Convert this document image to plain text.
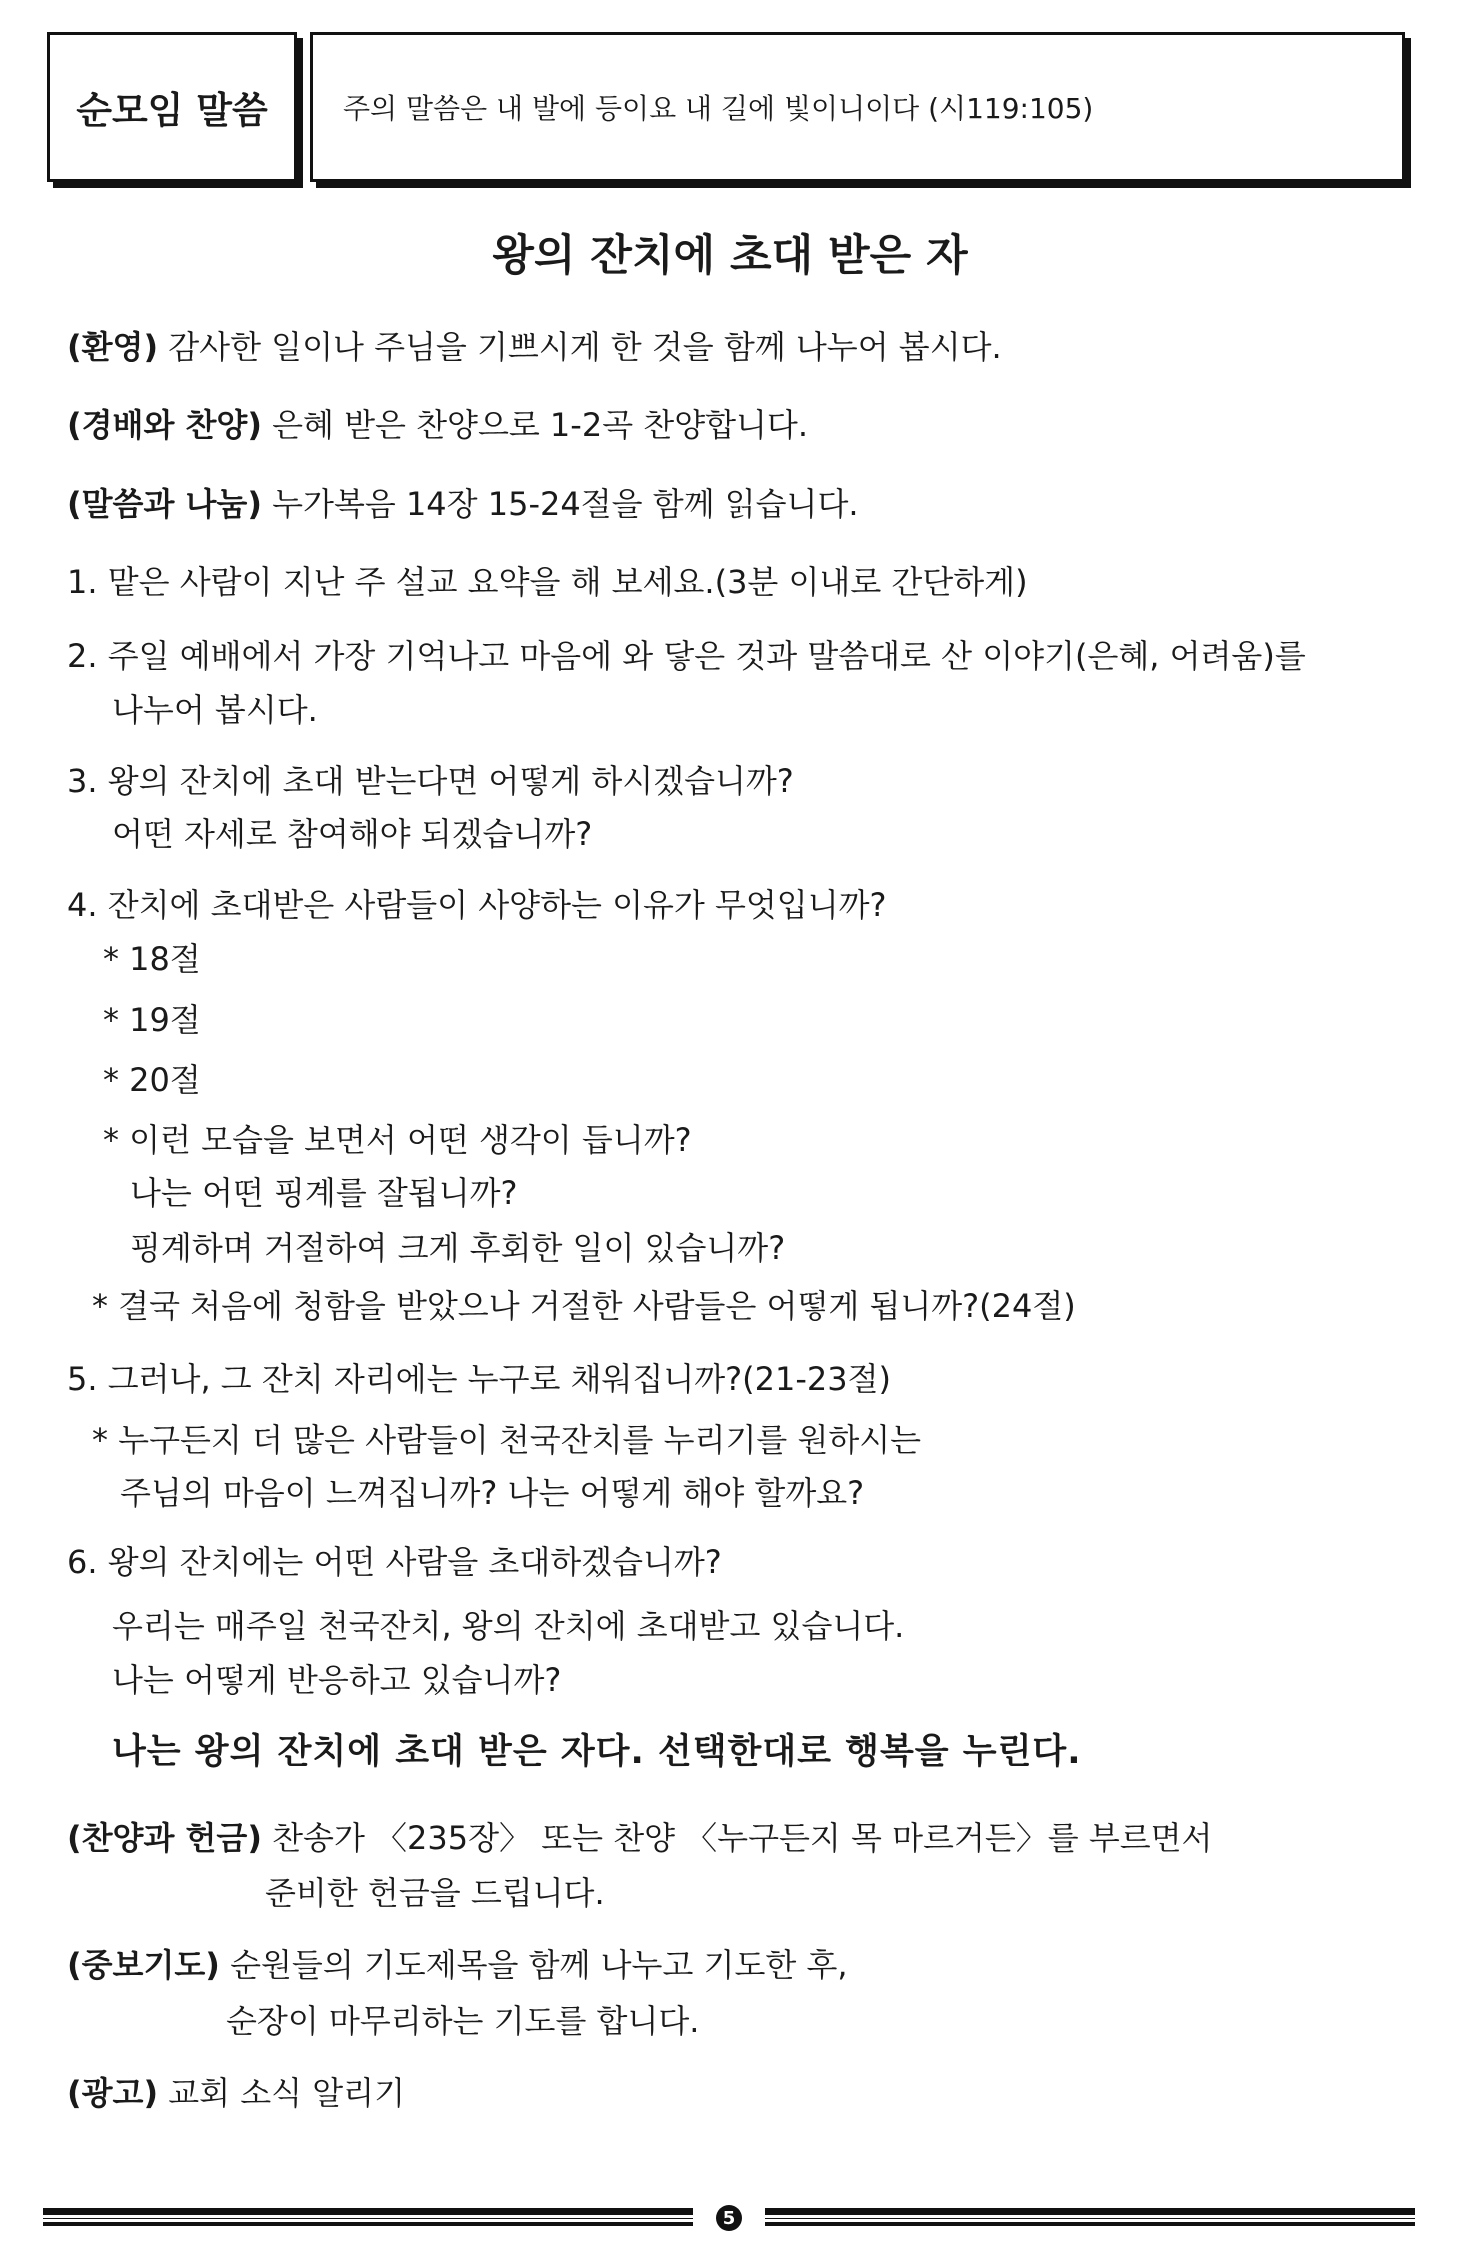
순모임 말씀	주의 말씀은 내 발에 등이요 내 길에 빛이니이다 (시119:105)
왕의 잔치에 초대 받은 자
(환영) 감사한 일이나 주님을 기쁘시게 한 것을 함께 나누어 봅시다.
(경배와 찬양) 은혜 받은 찬양으로 1-2곡 찬양합니다.
(말씀과 나눔) 누가복음 14장 15-24절을 함께 읽습니다.
1. 맡은 사람이 지난 주 설교 요약을 해 보세요.(3분 이내로 간단하게)
2. 주일 예배에서 가장 기억나고 마음에 와 닿은 것과 말씀대로 산 이야기(은혜, 어려움)를
나누어 봅시다.
3. 왕의 잔치에 초대 받는다면 어떻게 하시겠습니까?
어떤 자세로 참여해야 되겠습니까?
4. 잔치에 초대받은 사람들이 사양하는 이유가 무엇입니까?
* 18절
* 19절
* 20절
* 이런 모습을 보면서 어떤 생각이 듭니까?
나는 어떤 핑계를 잘됩니까?
핑계하며 거절하여 크게 후회한 일이 있습니까?
* 결국 처음에 청함을 받았으나 거절한 사람들은 어떻게 됩니까?(24절)
5. 그러나, 그 잔치 자리에는 누구로 채워집니까?(21-23절)
* 누구든지 더 많은 사람들이 천국잔치를 누리기를 원하시는
주님의 마음이 느껴집니까? 나는 어떻게 해야 할까요?
6. 왕의 잔치에는 어떤 사람을 초대하겠습니까?
우리는 매주일 천국잔치, 왕의 잔치에 초대받고 있습니다.
나는 어떻게 반응하고 있습니까?
나는 왕의 잔치에 초대 받은 자다. 선택한대로 행복을 누린다.
(찬양과 헌금) 찬송가 〈235장〉 또는 찬양 〈누구든지 목 마르거든〉를 부르면서
준비한 헌금을 드립니다.
(중보기도) 순원들의 기도제목을 함께 나누고 기도한 후,
순장이 마무리하는 기도를 합니다.
(광고) 교회 소식 알리기
5
